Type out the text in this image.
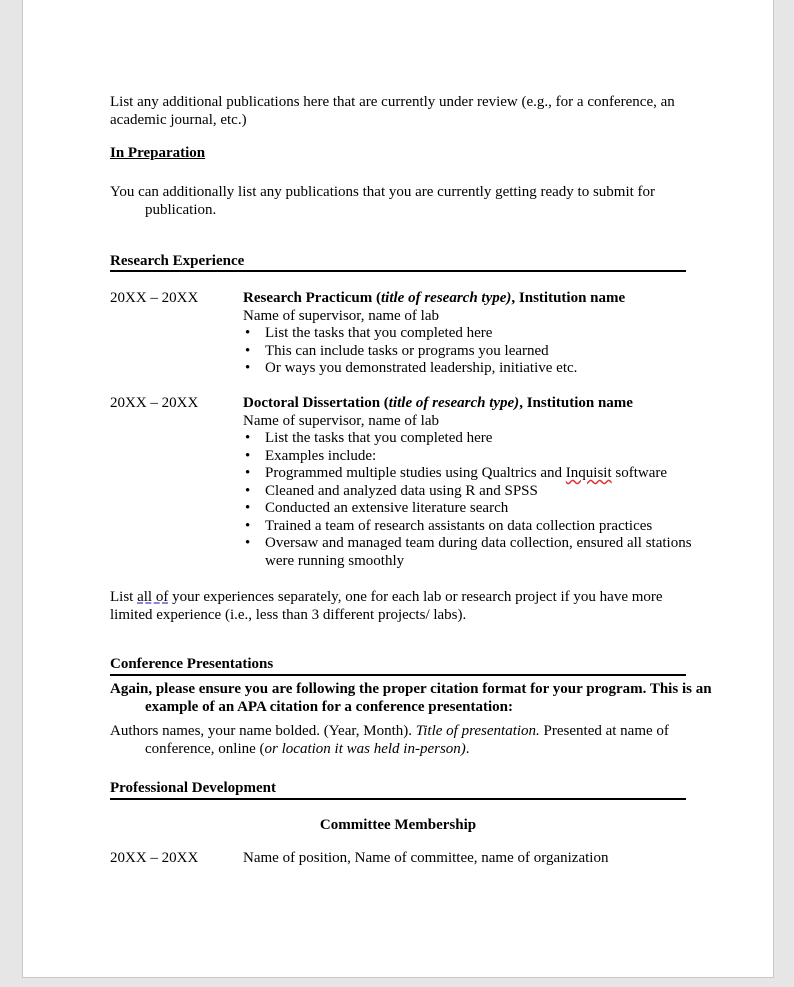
List any additional publications here that are currently under review (e.g., for a conference, an academic journal, etc.)
In Preparation
You can additionally list any publications that you are currently getting ready to submit for publication.
Research Experience
20XX – 20XX	Research Practicum (title of research type), Institution name
Name of supervisor, name of lab
• List the tasks that you completed here
• This can include tasks or programs you learned
• Or ways you demonstrated leadership, initiative etc.
20XX – 20XX	Doctoral Dissertation (title of research type), Institution name
Name of supervisor, name of lab
• List the tasks that you completed here
• Examples include:
• Programmed multiple studies using Qualtrics and Inquisit software
• Cleaned and analyzed data using R and SPSS
• Conducted an extensive literature search
• Trained a team of research assistants on data collection practices
• Oversaw and managed team during data collection, ensured all stations were running smoothly
List all of your experiences separately, one for each lab or research project if you have more limited experience (i.e., less than 3 different projects/ labs).
Conference Presentations
Again, please ensure you are following the proper citation format for your program. This is an example of an APA citation for a conference presentation:
Authors names, your name bolded. (Year, Month). Title of presentation. Presented at name of conference, online (or location it was held in-person).
Professional Development
Committee Membership
20XX – 20XX	Name of position, Name of committee, name of organization
